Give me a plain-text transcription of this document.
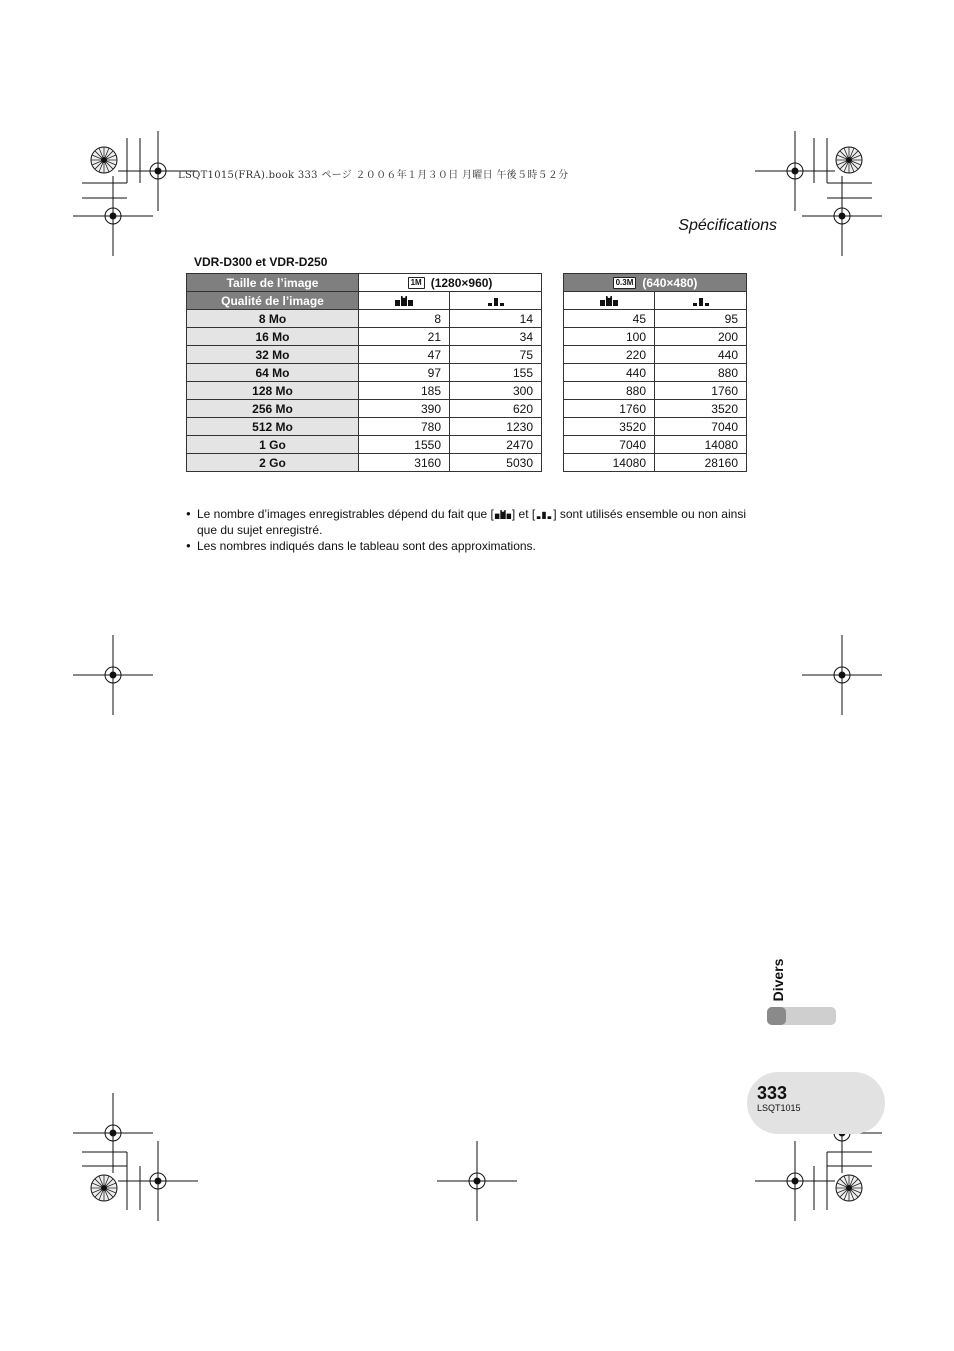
LSQT1015(FRA).book 333 ページ ２００６年１月３０日 月曜日 午後５時５２分
Spécifications
VDR-D300 et VDR-D250
Taille de l’image	1M (1280×960)	
Qualité de l’image		
8 Mo	8	14
16 Mo	21	34
32 Mo	47	75
64 Mo	97	155
128 Mo	185	300
256 Mo	390	620
512 Mo	780	1230
1 Go	1550	2470
2 Go	3160	5030
0.3M (640×480)	

45	95
100	200
220	440
440	880
880	1760
1760	3520
3520	7040
7040	14080
14080	28160
● Le nombre d’images enregistrables dépend du fait que [ ] et [ ] sont utilisés ensemble ou non ainsi que du sujet enregistré.
● Les nombres indiqués dans le tableau sont des approximations.
Divers
333
LSQT1015
